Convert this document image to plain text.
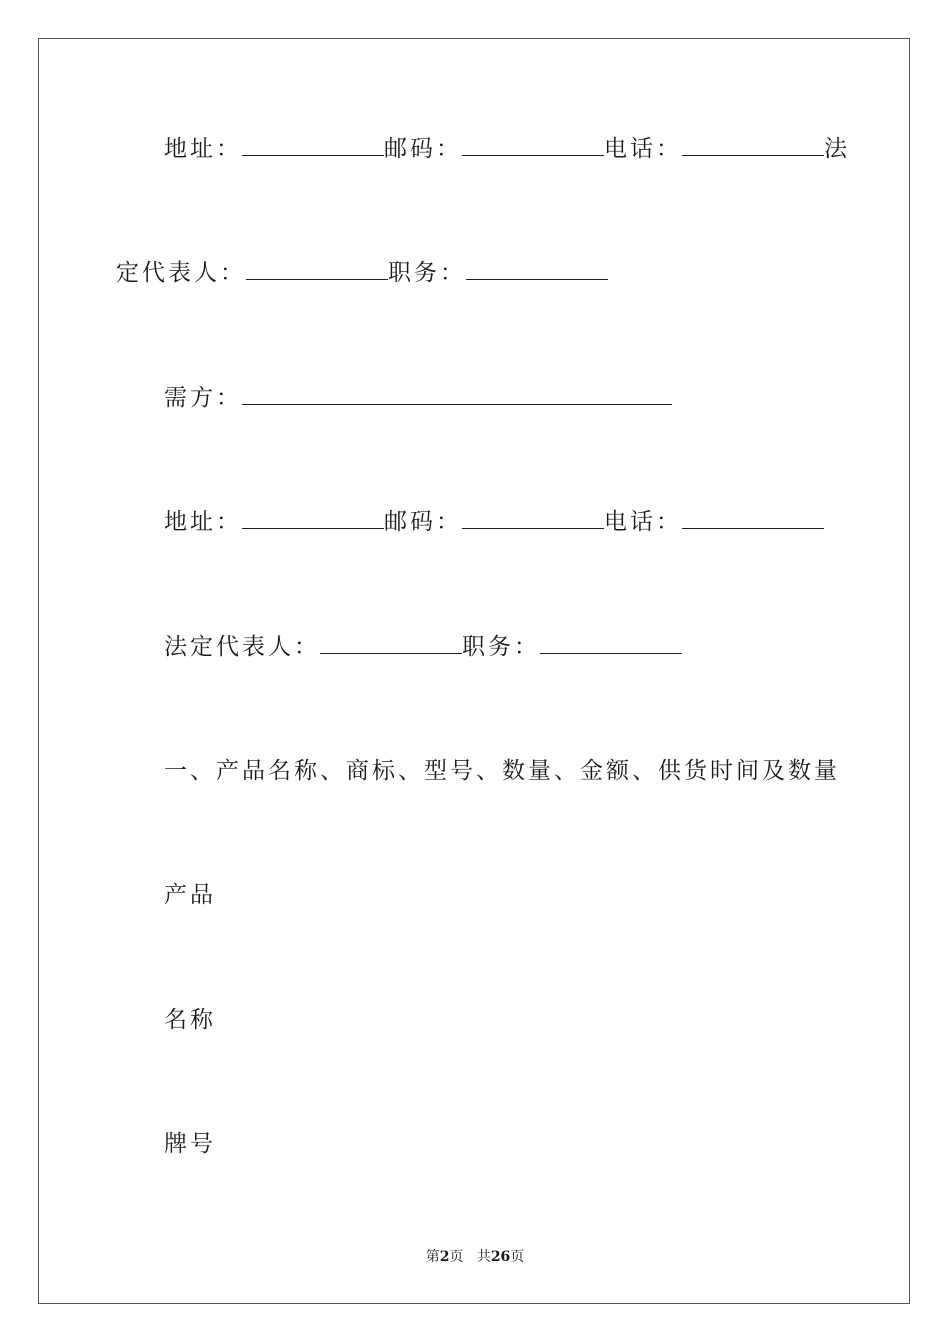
地址：	邮码：	电话：	法
定代表人：	职务：
需方：
地址：	邮码：	电话：
法定代表人：	职务：
一、产品名称、商标、型号、数量、金额、供货时间及数量
产品
名称
牌号
第2页 共26页
